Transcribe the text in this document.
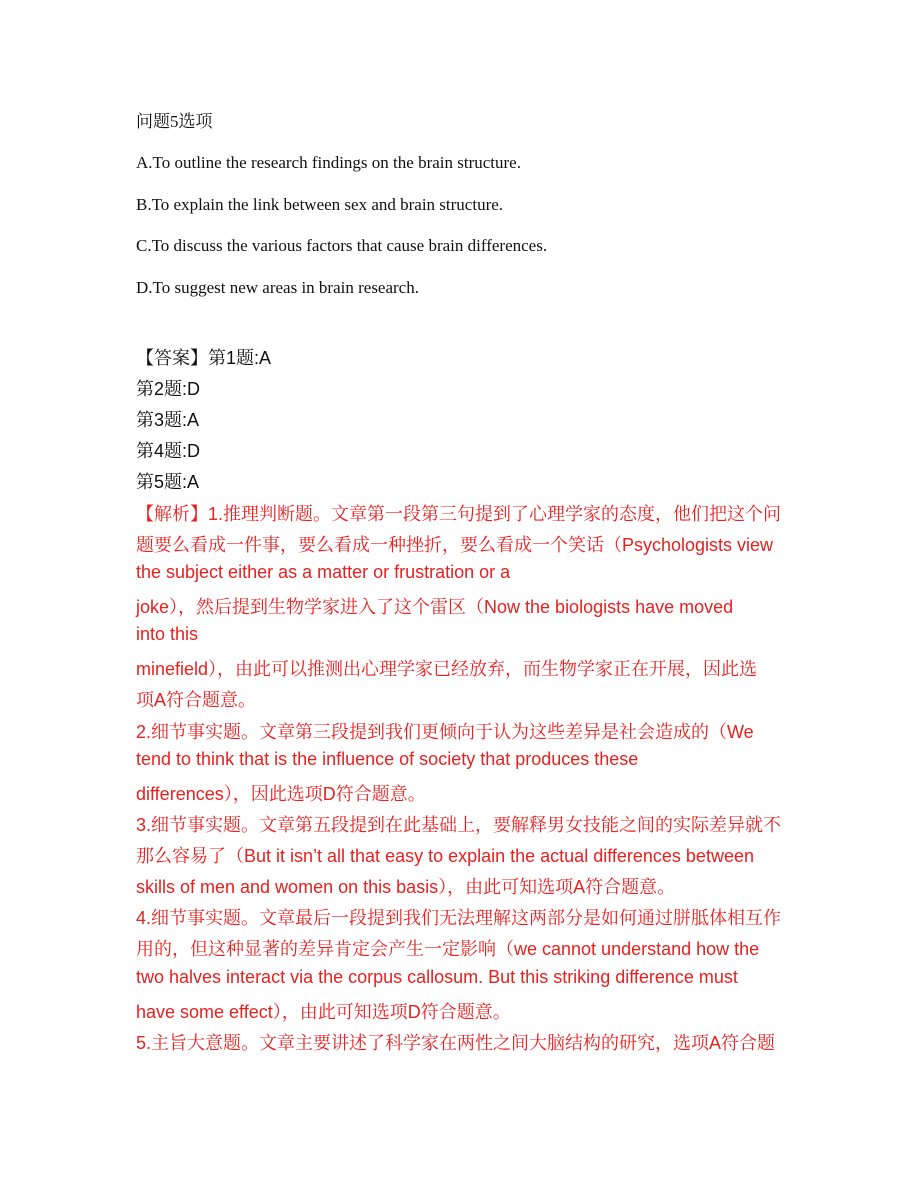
问题5选项
A.To outline the research findings on the brain structure.
B.To explain the link between sex and brain structure.
C.To discuss the various factors that cause brain differences.
D.To suggest new areas in brain research.
【答案】第1题:A
第2题:D
第3题:A
第4题:D
第5题:A
【解析】1.推理判断题。文章第一段第三句提到了心理学家的态度，他们把这个问
题要么看成一件事，要么看成一种挫折，要么看成一个笑话（Psychologists view
the subject either as a matter or frustration or a
joke），然后提到生物学家进入了这个雷区（Now the biologists have moved
into this
minefield），由此可以推测出心理学家已经放弃，而生物学家正在开展，因此选
项A符合题意。
2.细节事实题。文章第三段提到我们更倾向于认为这些差异是社会造成的（We
tend to think that is the influence of society that produces these
differences），因此选项D符合题意。
3.细节事实题。文章第五段提到在此基础上，要解释男女技能之间的实际差异就不
那么容易了（But it isn’t all that easy to explain the actual differences between
skills of men and women on this basis），由此可知选项A符合题意。
4.细节事实题。文章最后一段提到我们无法理解这两部分是如何通过胼胝体相互作
用的，但这种显著的差异肯定会产生一定影响（we cannot understand how the
two halves interact via the corpus callosum. But this striking difference must
have some effect），由此可知选项D符合题意。
5.主旨大意题。文章主要讲述了科学家在两性之间大脑结构的研究，选项A符合题
